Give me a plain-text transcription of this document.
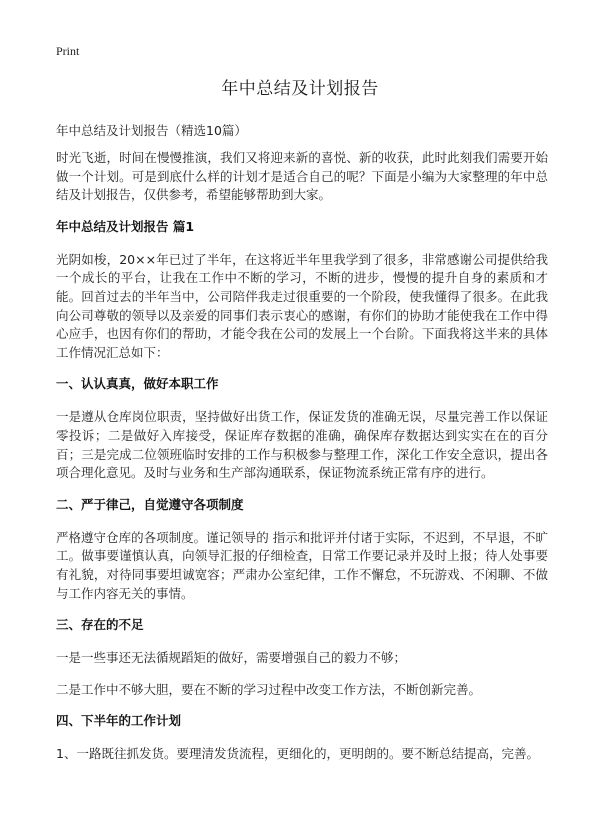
Print
年中总结及计划报告

年中总结及计划报告（精选10篇）

时光飞逝，时间在慢慢推演，我们又将迎来新的喜悦、新的收获，此时此刻我们需要开始做一个计划。可是到底什么样的计划才是适合自己的呢？下面是小编为大家整理的年中总结及计划报告，仅供参考，希望能够帮助到大家。

年中总结及计划报告 篇1

光阴如梭，20××年已过了半年，在这将近半年里我学到了很多，非常感谢公司提供给我一个成长的平台，让我在工作中不断的学习，不断的进步，慢慢的提升自身的素质和才能。回首过去的半年当中，公司陪伴我走过很重要的一个阶段，使我懂得了很多。在此我向公司尊敬的领导以及亲爱的同事们表示衷心的感谢，有你们的协助才能使我在工作中得心应手，也因有你们的帮助，才能令我在公司的发展上一个台阶。下面我将这半来的具体工作情况汇总如下：

一、认认真真，做好本职工作

一是遵从仓库岗位职责，坚持做好出货工作，保证发货的准确无误，尽量完善工作以保证零投诉；二是做好入库接受，保证库存数据的准确，确保库存数据达到实实在在的百分百；三是完成二位领班临时安排的工作与积极参与整理工作，深化工作安全意识，提出各项合理化意见。及时与业务和生产部沟通联系，保证物流系统正常有序的进行。

二、严于律己，自觉遵守各项制度

严格遵守仓库的各项制度。谨记领导的 指示和批评并付诸于实际，不迟到，不早退，不旷工。做事要谨慎认真，向领导汇报的仔细检查，日常工作要记录并及时上报；待人处事要有礼貌，对待同事要坦诚宽容；严肃办公室纪律，工作不懈怠，不玩游戏、不闲聊、不做与工作内容无关的事情。

三、存在的不足

一是一些事还无法循规蹈矩的做好，需要增强自己的毅力不够；

二是工作中不够大胆，要在不断的学习过程中改变工作方法，不断创新完善。

四、下半年的工作计划

1、一路既往抓发货。要理清发货流程，更细化的，更明朗的。要不断总结提高，完善。
